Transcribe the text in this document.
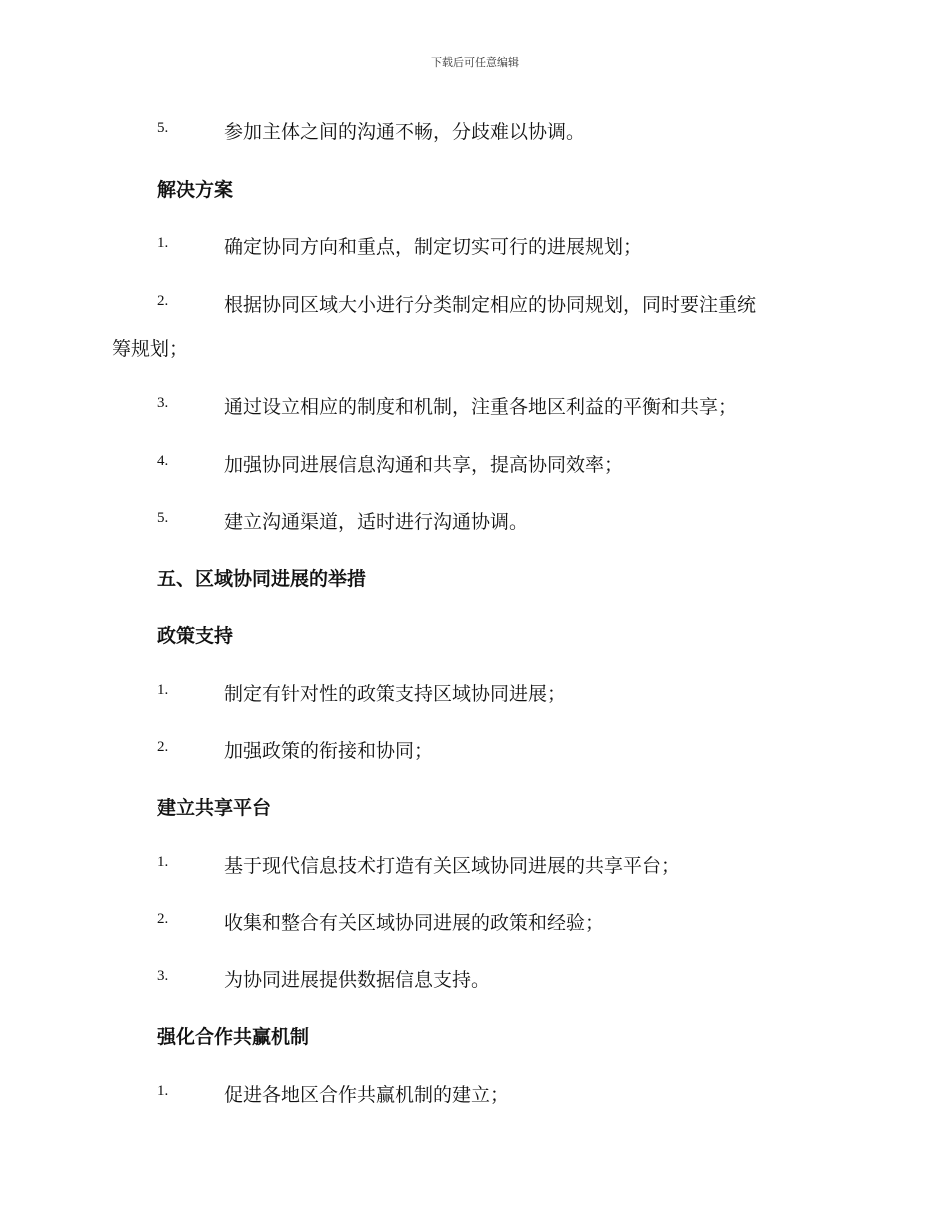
下载后可任意编辑
5.	参加主体之间的沟通不畅，分歧难以协调。
解决方案
1.	确定协同方向和重点，制定切实可行的进展规划；
2.	根据协同区域大小进行分类制定相应的协同规划，同时要注重统
筹规划；
3.	通过设立相应的制度和机制，注重各地区利益的平衡和共享；
4.	加强协同进展信息沟通和共享，提高协同效率；
5.	建立沟通渠道，适时进行沟通协调。
五、区域协同进展的举措
政策支持
1.	制定有针对性的政策支持区域协同进展；
2.	加强政策的衔接和协同；
建立共享平台
1.	基于现代信息技术打造有关区域协同进展的共享平台；
2.	收集和整合有关区域协同进展的政策和经验；
3.	为协同进展提供数据信息支持。
强化合作共赢机制
1.	促进各地区合作共赢机制的建立；
